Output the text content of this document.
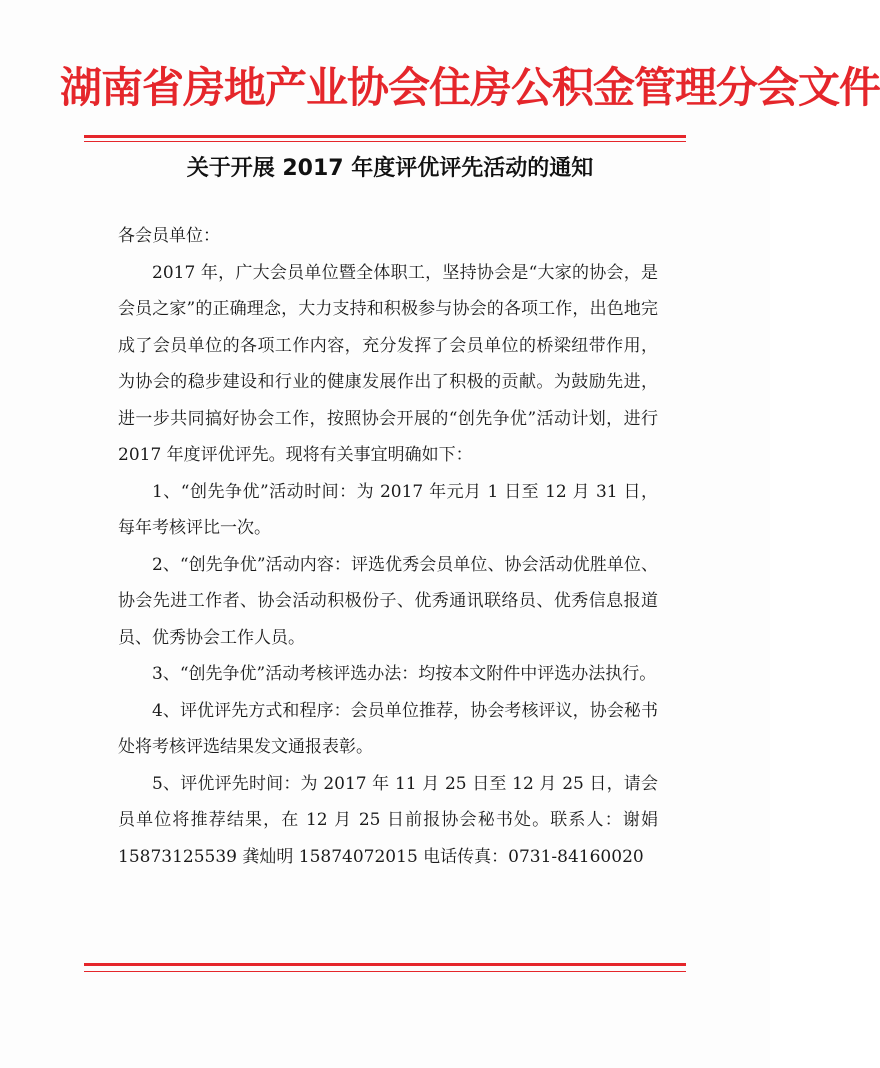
湖南省房地产业协会住房公积金管理分会文件
关于开展 2017 年度评优评先活动的通知

各会员单位：

2017 年，广大会员单位暨全体职工，坚持协会是“大家的协会，是会员之家”的正确理念，大力支持和积极参与协会的各项工作，出色地完成了会员单位的各项工作内容，充分发挥了会员单位的桥梁纽带作用，为协会的稳步建设和行业的健康发展作出了积极的贡献。为鼓励先进，进一步共同搞好协会工作，按照协会开展的“创先争优”活动计划，进行 2017 年度评优评先。现将有关事宜明确如下：

1、“创先争优”活动时间：为 2017 年元月 1 日至 12 月 31 日，每年考核评比一次。

2、“创先争优”活动内容：评选优秀会员单位、协会活动优胜单位、协会先进工作者、协会活动积极份子、优秀通讯联络员、优秀信息报道员、优秀协会工作人员。

3、“创先争优”活动考核评选办法：均按本文附件中评选办法执行。

4、评优评先方式和程序：会员单位推荐，协会考核评议，协会秘书处将考核评选结果发文通报表彰。

5、评优评先时间：为 2017 年 11 月 25 日至 12 月 25 日，请会员单位将推荐结果，在 12 月 25 日前报协会秘书处。联系人：谢娟 15873125539 龚灿明 15874072015 电话传真：0731-84160020
